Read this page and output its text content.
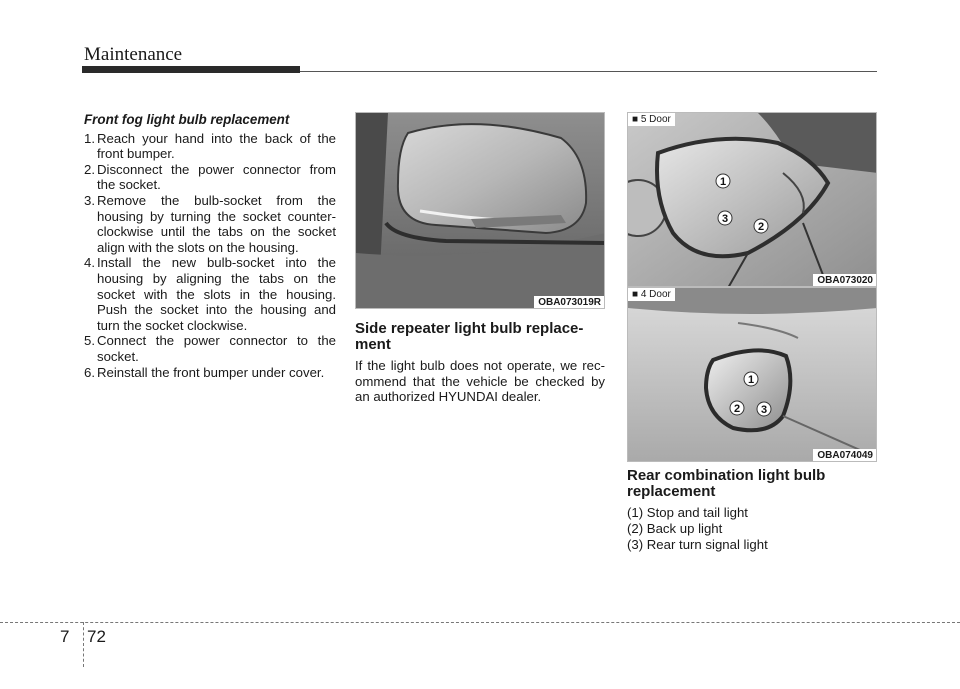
Maintenance
Front fog light bulb replacement
1. Reach your hand into the back of the front bumper.
2. Disconnect the power connector from the socket.
3. Remove the bulb-socket from the housing by turning the socket counter-clockwise until the tabs on the socket align with the slots on the housing.
4. Install the new bulb-socket into the housing by aligning the tabs on the socket with the slots in the housing. Push the socket into the housing and turn the socket clockwise.
5. Connect the power connector to the socket.
6. Reinstall the front bumper under cover.
OBA073019R
Side repeater light bulb replace-ment
If the light bulb does not operate, we rec-ommend that the vehicle be checked by an authorized HYUNDAI dealer.
1
3
2
■ 5 Door
OBA073020
1
2 3
■ 4 Door
OBA074049
Rear combination light bulb replacement
(1) Stop and tail light
(2) Back up light
(3) Rear turn signal light
7 72
